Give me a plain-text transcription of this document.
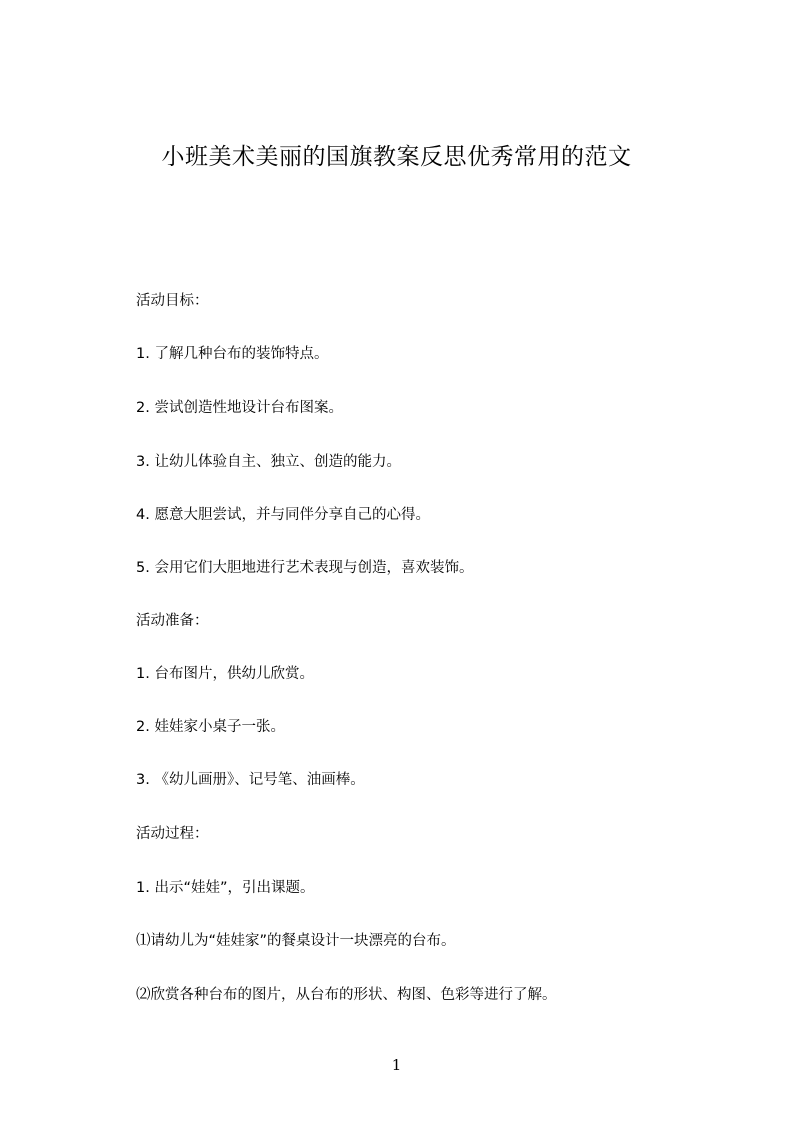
小班美术美丽的国旗教案反思优秀常用的范文
活动目标：
1. 了解几种台布的装饰特点。
2. 尝试创造性地设计台布图案。
3. 让幼儿体验自主、独立、创造的能力。
4. 愿意大胆尝试，并与同伴分享自己的心得。
5. 会用它们大胆地进行艺术表现与创造，喜欢装饰。
活动准备：
1. 台布图片，供幼儿欣赏。
2. 娃娃家小桌子一张。
3. 《幼儿画册》、记号笔、油画棒。
活动过程：
1. 出示“娃娃”，引出课题。
⑴请幼儿为“娃娃家”的餐桌设计一块漂亮的台布。
⑵欣赏各种台布的图片，从台布的形状、构图、色彩等进行了解。
1
